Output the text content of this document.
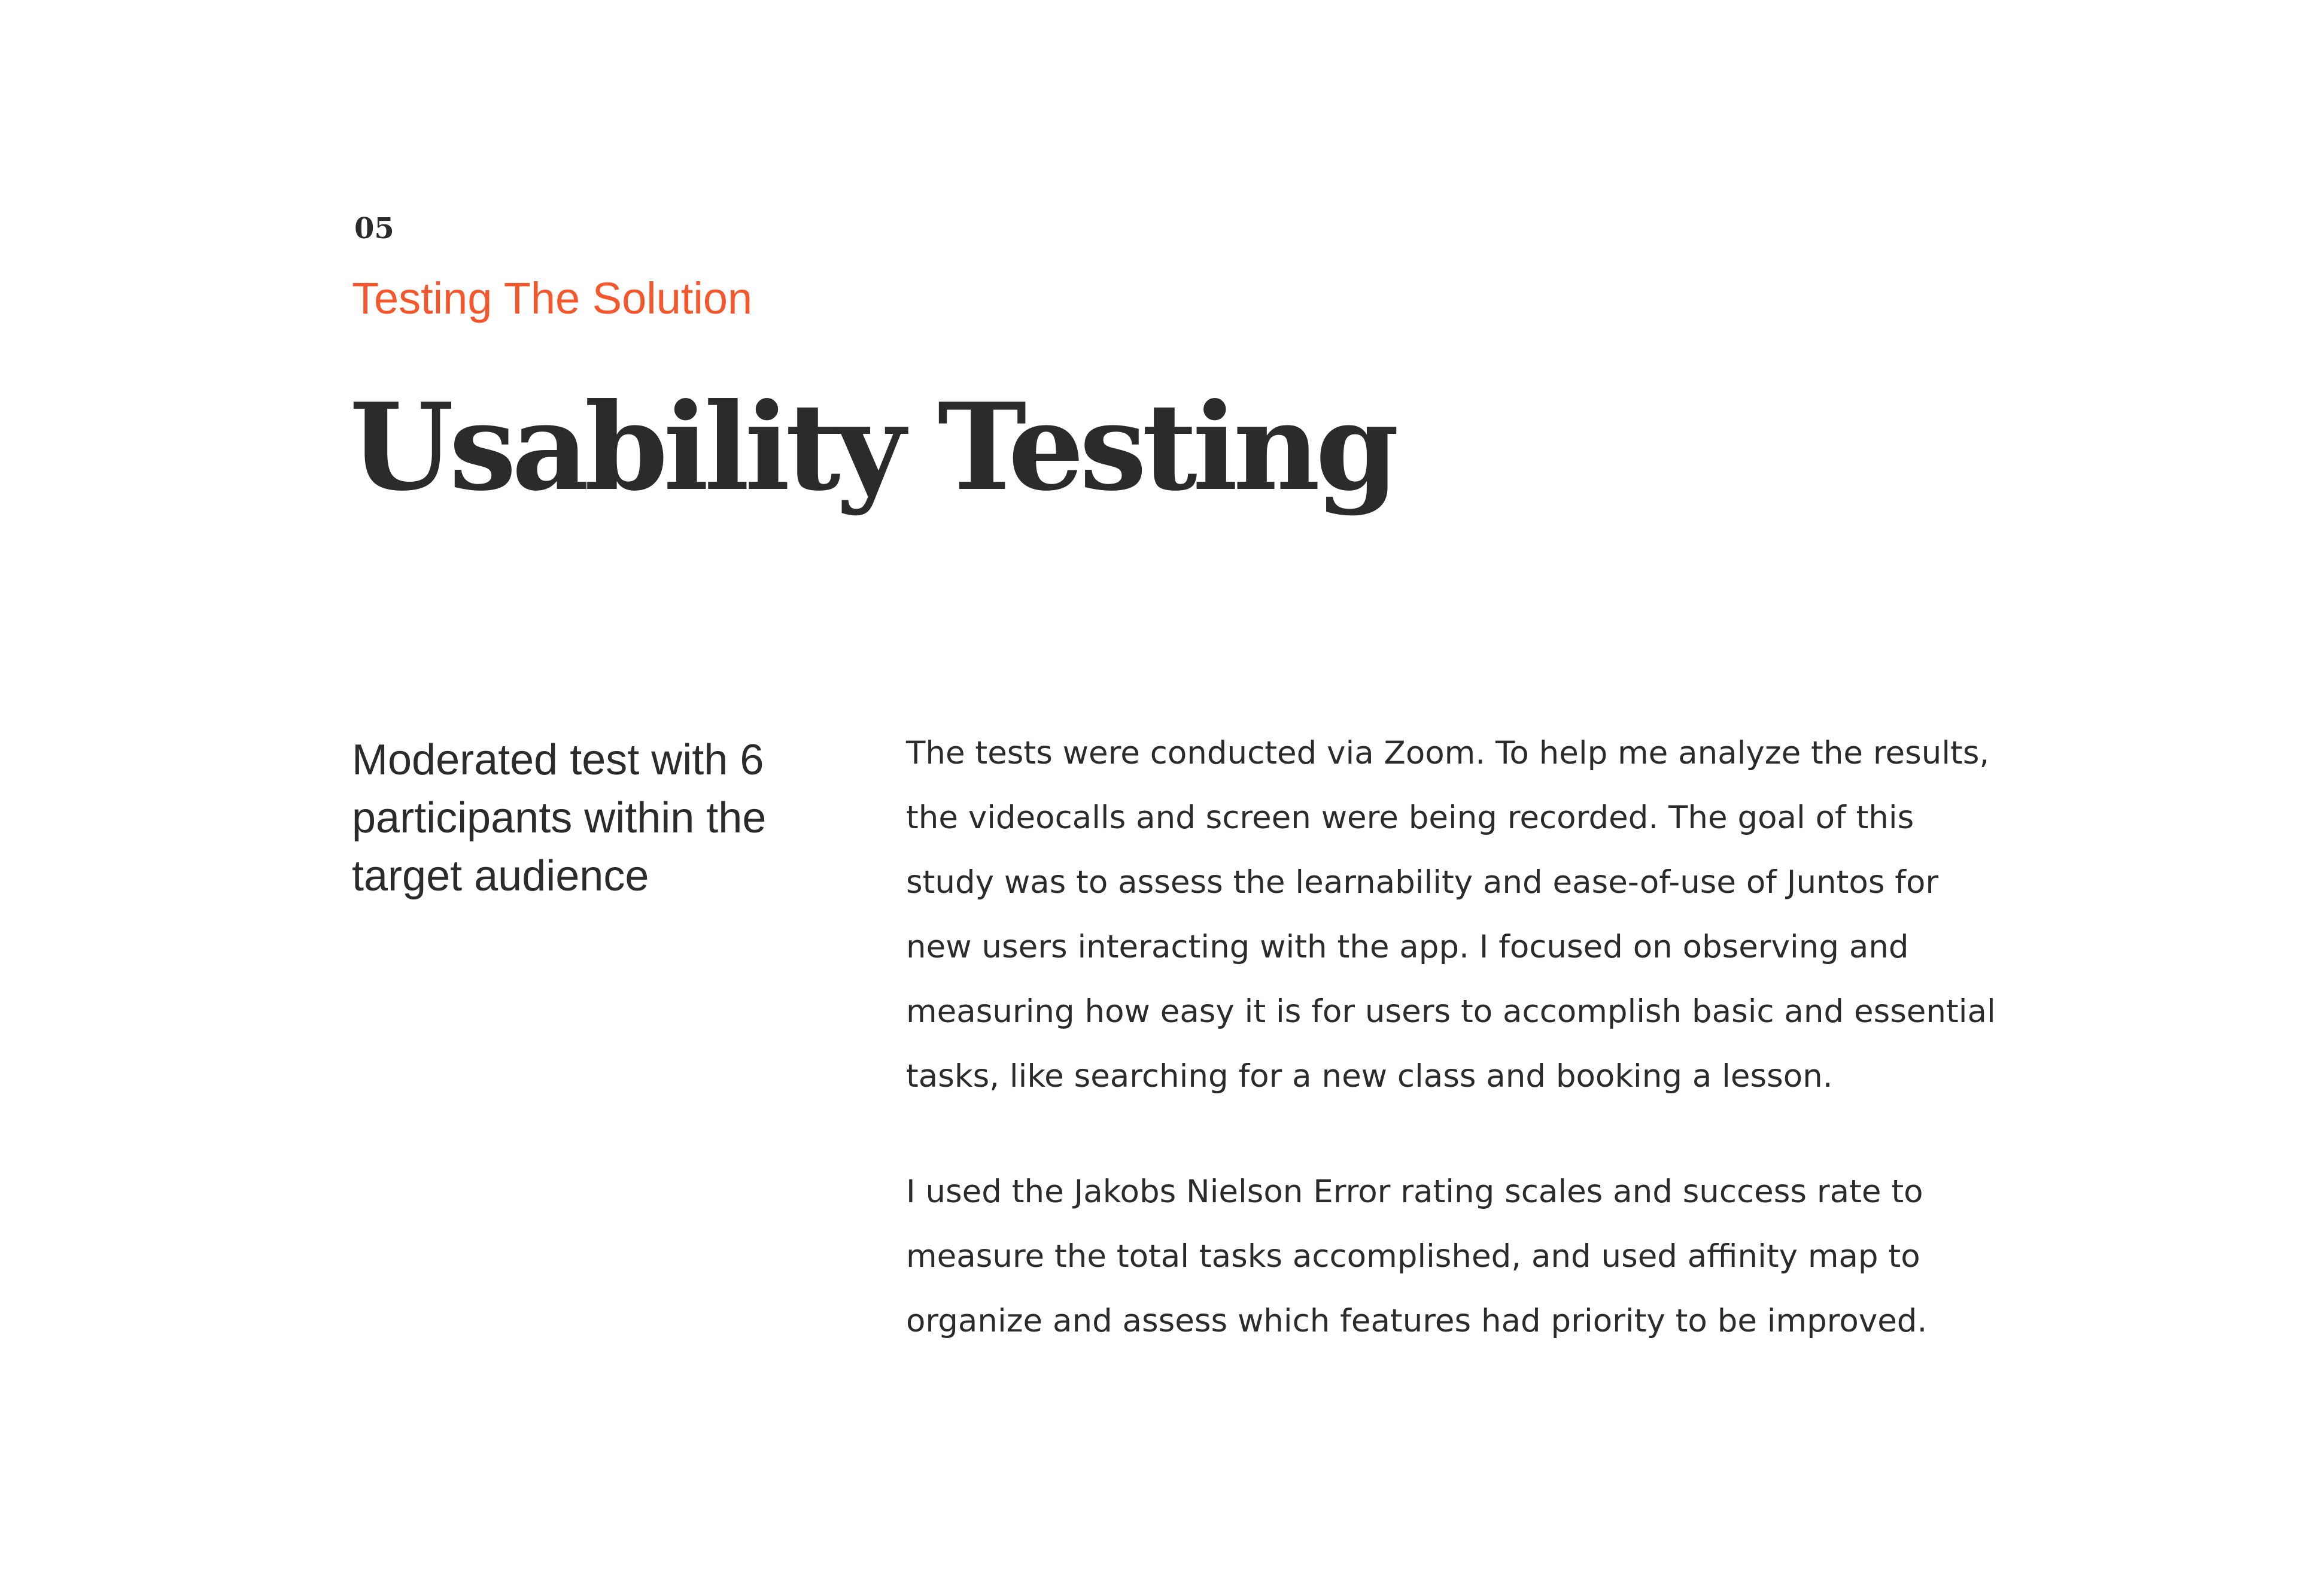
05

Testing The Solution

Usability Testing

Moderated test with 6 participants within the target audience

The tests were conducted via Zoom. To help me analyze the results, the videocalls and screen were being recorded. The goal of this study was to assess the learnability and ease-of-use of Juntos for new users interacting with the app. I focused on observing and measuring how easy it is for users to accomplish basic and essential tasks, like searching for a new class and booking a lesson.

I used the Jakobs Nielson Error rating scales and success rate to measure the total tasks accomplished, and used affinity map to organize and assess which features had priority to be improved.
